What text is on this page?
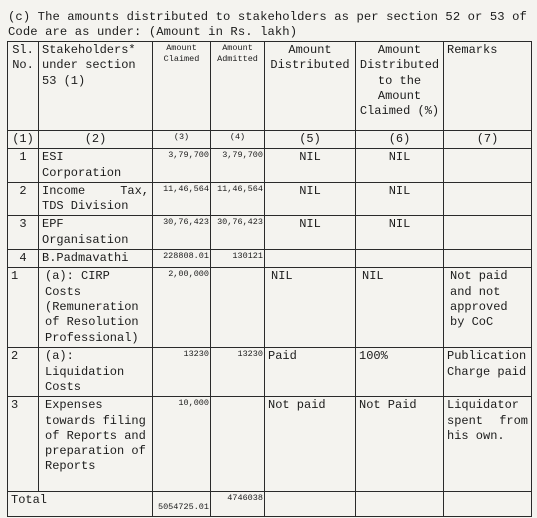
(c) The amounts distributed to stakeholders as per section 52 or 53 of Code are as under: (Amount in Rs. lakh)
Sl. No.	Stakeholders* under section 53 (1)	Amount Claimed	Amount Admitted	Amount Distributed	Amount Distributed to the Amount Claimed (%)	Remarks
(1)	(2)	(3)	(4)	(5)	(6)	(7)
1	ESI Corporation	3,79,700	3,79,700	NIL	NIL	
2	Income Tax, TDS Division	11,46,564	11,46,564	NIL	NIL	
3	EPF Organisation	30,76,423	30,76,423	NIL	NIL	
4	B.Padmavathi	228808.01	130121			
1	(a): CIRP Costs (Remuneration of Resolution Professional)	2,00,000		NIL	NIL	Not paid and not approved by CoC
2	(a): Liquidation Costs	13230	13230	Paid	100%	Publication Charge paid
3	Expenses towards filing of Reports and preparation of Reports	10,000		Not paid	Not Paid	Liquidator spent from his own.
Total		5054725.01	4746038			
